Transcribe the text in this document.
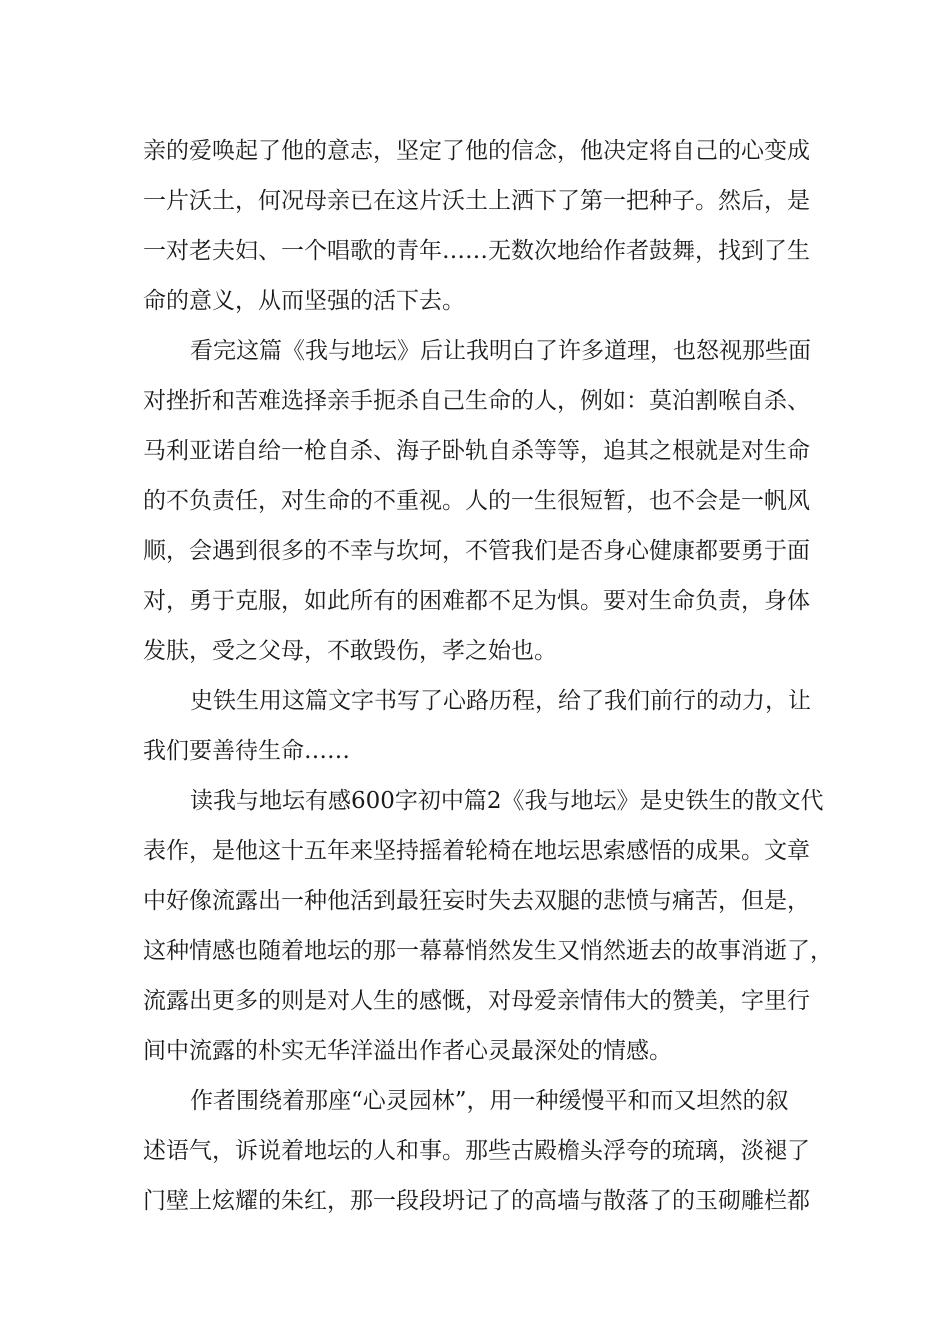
亲的爱唤起了他的意志，坚定了他的信念，他决定将自己的心变成
一片沃土，何况母亲已在这片沃土上洒下了第一把种子。然后，是
一对老夫妇、一个唱歌的青年……无数次地给作者鼓舞，找到了生
命的意义，从而坚强的活下去。
看完这篇《我与地坛》后让我明白了许多道理，也怒视那些面
对挫折和苦难选择亲手扼杀自己生命的人，例如：莫泊割喉自杀、
马利亚诺自给一枪自杀、海子卧轨自杀等等，追其之根就是对生命
的不负责任，对生命的不重视。人的一生很短暂，也不会是一帆风
顺，会遇到很多的不幸与坎坷，不管我们是否身心健康都要勇于面
对，勇于克服，如此所有的困难都不足为惧。要对生命负责，身体
发肤，受之父母，不敢毁伤，孝之始也。
史铁生用这篇文字书写了心路历程，给了我们前行的动力，让
我们要善待生命……
读我与地坛有感600字初中篇2《我与地坛》是史铁生的散文代
表作，是他这十五年来坚持摇着轮椅在地坛思索感悟的成果。文章
中好像流露出一种他活到最狂妄时失去双腿的悲愤与痛苦，但是，
这种情感也随着地坛的那一幕幕悄然发生又悄然逝去的故事消逝了，
流露出更多的则是对人生的感慨，对母爱亲情伟大的赞美，字里行
间中流露的朴实无华洋溢出作者心灵最深处的情感。
作者围绕着那座“心灵园林”，用一种缓慢平和而又坦然的叙
述语气，诉说着地坛的人和事。那些古殿檐头浮夸的琉璃，淡褪了
门壁上炫耀的朱红，那一段段坍记了的高墙与散落了的玉砌雕栏都
